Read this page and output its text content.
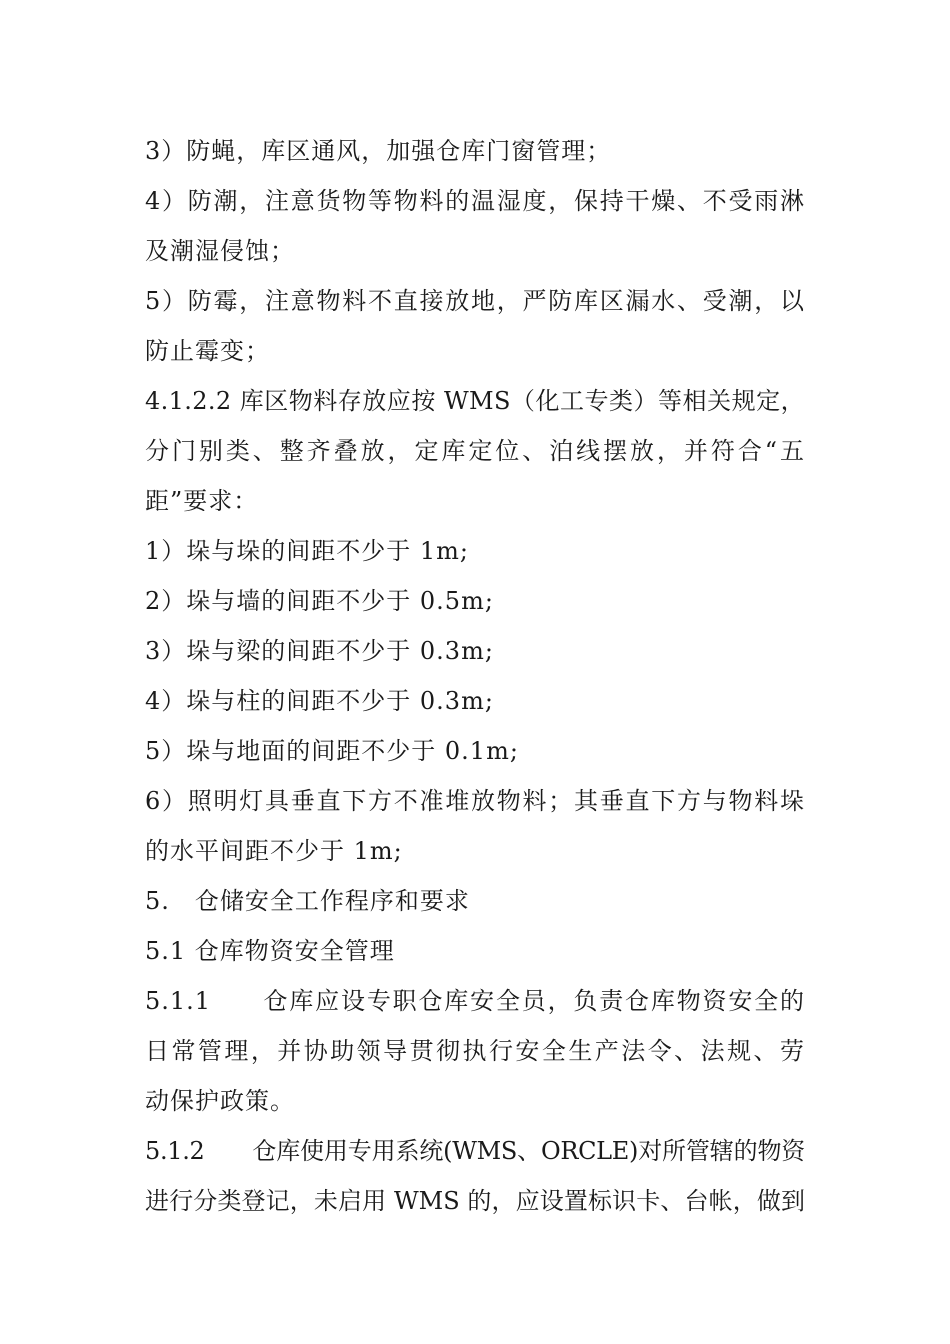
3）防蝇，库区通风，加强仓库门窗管理；
4）防潮，注意货物等物料的温湿度，保持干燥、不受雨淋
及潮湿侵蚀；
5）防霉，注意物料不直接放地，严防库区漏水、受潮，以
防止霉变；
4.1.2.2 库区物料存放应按 WMS（化工专类）等相关规定，
分门别类、整齐叠放，定库定位、泊线摆放，并符合“五
距”要求：
1）垛与垛的间距不少于 1m;
2）垛与墙的间距不少于 0.5m;
3）垛与梁的间距不少于 0.3m;
4）垛与柱的间距不少于 0.3m;
5）垛与地面的间距不少于 0.1m;
6）照明灯具垂直下方不准堆放物料；其垂直下方与物料垛
的水平间距不少于 1m;
5.　仓储安全工作程序和要求
5.1 仓库物资安全管理
5.1.1　　仓库应设专职仓库安全员，负责仓库物资安全的
日常管理，并协助领导贯彻执行安全生产法令、法规、劳
动保护政策。
5.1.2　　仓库使用专用系统(WMS、ORCLE)对所管辖的物资
进行分类登记，未启用 WMS 的，应设置标识卡、台帐，做到
